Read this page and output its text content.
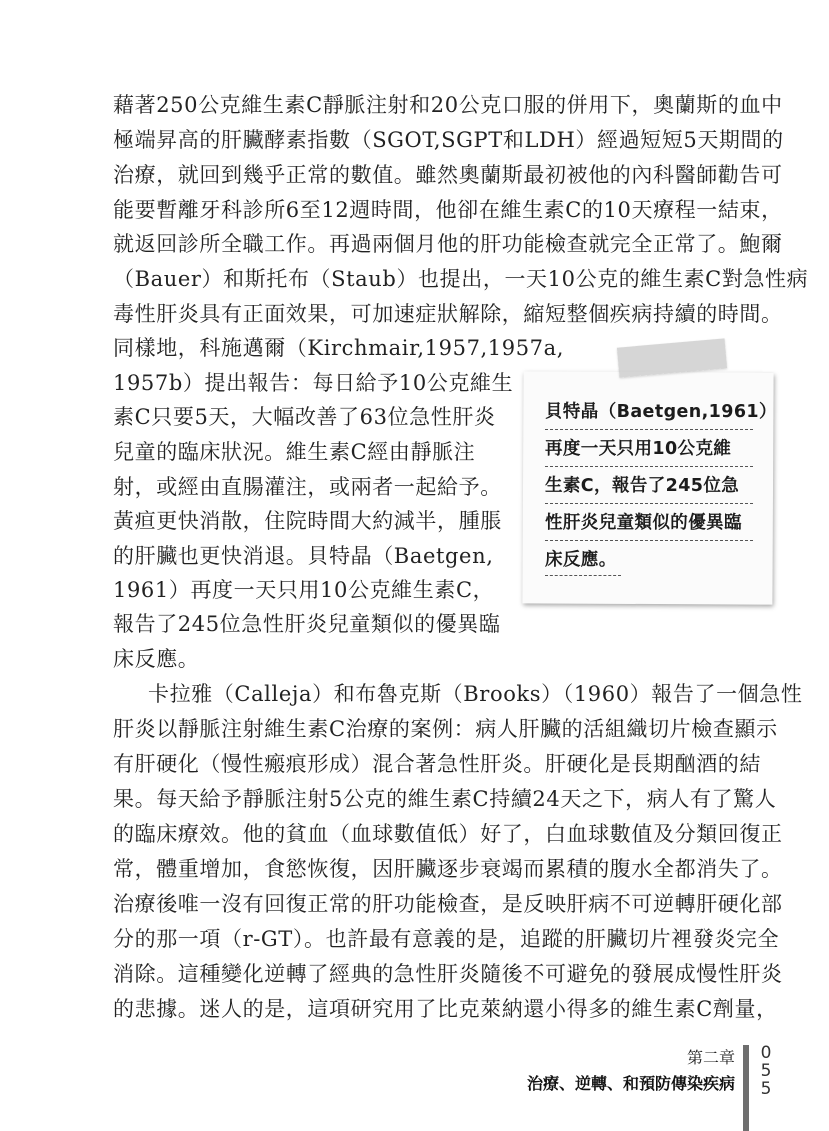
藉著250公克維生素C靜脈注射和20公克口服的併用下，奧蘭斯的血中
極端昇高的肝臟酵素指數（SGOT,SGPT和LDH）經過短短5天期間的
治療，就回到幾乎正常的數值。雖然奧蘭斯最初被他的內科醫師勸告可
能要暫離牙科診所6至12週時間，他卻在維生素C的10天療程一結束，
就返回診所全職工作。再過兩個月他的肝功能檢查就完全正常了。鮑爾
（Bauer）和斯托布（Staub）也提出，一天10公克的維生素C對急性病
毒性肝炎具有正面效果，可加速症狀解除，縮短整個疾病持續的時間。
同樣地，科施邁爾（Kirchmair,1957,1957a,
1957b）提出報告：每日給予10公克維生
素C只要5天，大幅改善了63位急性肝炎
兒童的臨床狀況。維生素C經由靜脈注
射，或經由直腸灌注，或兩者一起給予。
黃疸更快消散，住院時間大約減半，腫脹
的肝臟也更快消退。貝特晶（Baetgen,
1961）再度一天只用10公克維生素C，
報告了245位急性肝炎兒童類似的優異臨
床反應。
卡拉雅（Calleja）和布魯克斯（Brooks）（1960）報告了一個急性
肝炎以靜脈注射維生素C治療的案例：病人肝臟的活組織切片檢查顯示
有肝硬化（慢性瘢痕形成）混合著急性肝炎。肝硬化是長期酗酒的結
果。每天給予靜脈注射5公克的維生素C持續24天之下，病人有了驚人
的臨床療效。他的貧血（血球數值低）好了，白血球數值及分類回復正
常，體重增加，食慾恢復，因肝臟逐步衰竭而累積的腹水全都消失了。
治療後唯一沒有回復正常的肝功能檢查，是反映肝病不可逆轉肝硬化部
分的那一項（r-GT）。也許最有意義的是，追蹤的肝臟切片裡發炎完全
消除。這種變化逆轉了經典的急性肝炎隨後不可避免的發展成慢性肝炎
的悲據。迷人的是，這項研究用了比克萊納還小得多的維生素C劑量，
貝特晶（Baetgen,1961）
再度一天只用10公克維
生素C，報告了245位急
性肝炎兒童類似的優異臨
床反應。
第二章
治療、逆轉、和預防傳染疾病
055
